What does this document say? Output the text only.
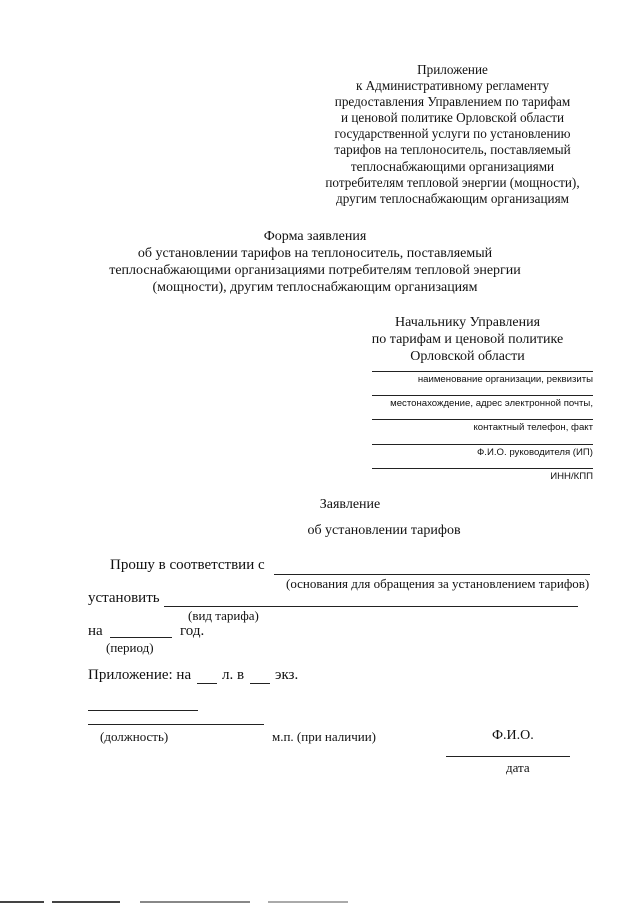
Приложение
к Административному регламенту
предоставления Управлением по тарифам
и ценовой политике Орловской области
государственной услуги по установлению
тарифов на теплоноситель, поставляемый
теплоснабжающими организациями
потребителям тепловой энергии (мощности),
другим теплоснабжающим организациям
Форма заявления
об установлении тарифов на теплоноситель, поставляемый
теплоснабжающими организациями потребителям тепловой энергии
(мощности), другим теплоснабжающим организациям
Начальнику Управления
по тарифам и ценовой политике
Орловской области
наименование организации, реквизиты
местонахождение, адрес электронной почты,
контактный телефон, факт
Ф.И.О. руководителя (ИП)
ИНН/КПП
Заявление
об установлении тарифов
Прошу в соответствии с
(основания для обращения за установлением тарифов)
установить
(вид тарифа)
на	год.
(период)
Приложение: на л. в экз.
(должность)	м.п. (при наличии)	Ф.И.О.
дата
